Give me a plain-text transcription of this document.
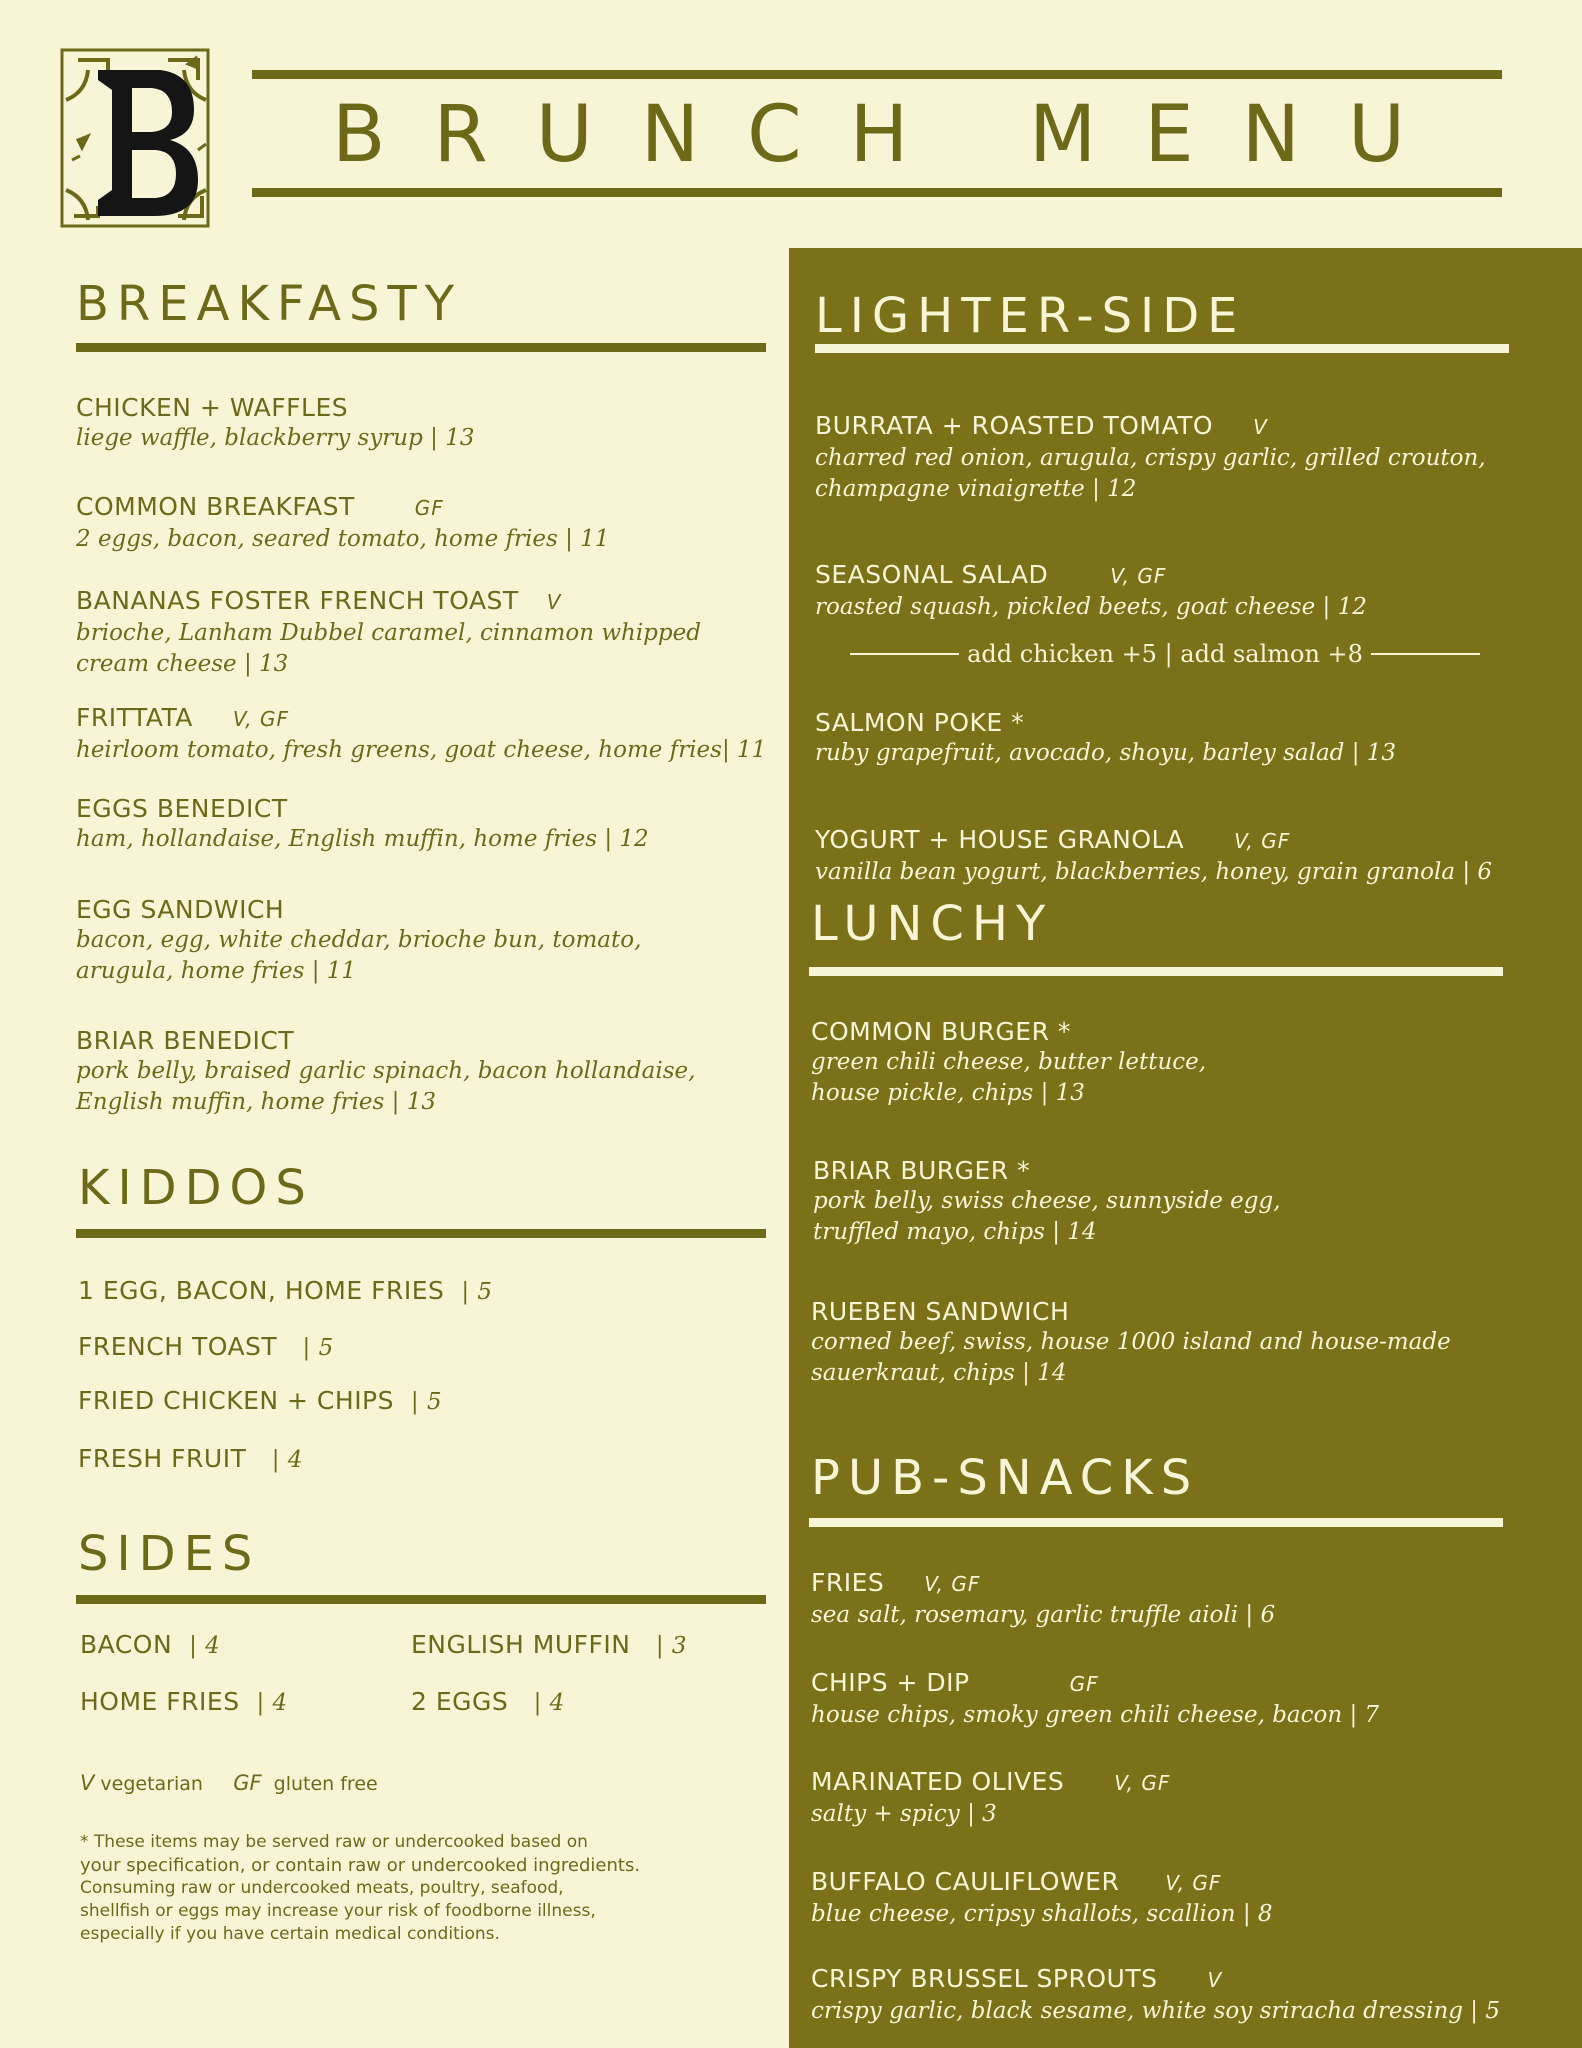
BRUNCH MENU
BREAKFASTY
CHICKEN + WAFFLES
liege waffle, blackberry syrup | 13
COMMON BREAKFAST	GF
2 eggs, bacon, seared tomato, home fries | 11
BANANAS FOSTER FRENCH TOAST V
brioche, Lanham Dubbel caramel, cinnamon whipped
cream cheese | 13
FRITTATA V, GF
heirloom tomato, fresh greens, goat cheese, home fries| 11
EGGS BENEDICT
ham, hollandaise, English muffin, home fries | 12
EGG SANDWICH
bacon, egg, white cheddar, brioche bun, tomato,
arugula, home fries | 11
BRIAR BENEDICT
pork belly, braised garlic spinach, bacon hollandaise,
English muffin, home fries | 13
KIDDOS
1 EGG, BACON, HOME FRIES | 5
FRENCH TOAST | 5
FRIED CHICKEN + CHIPS | 5
FRESH FRUIT | 4
SIDES
BACON | 4	ENGLISH MUFFIN | 3
HOME FRIES | 4	2 EGGS | 4
V vegetarian GF gluten free
* These items may be served raw or undercooked based on
your specification, or contain raw or undercooked ingredients.
Consuming raw or undercooked meats, poultry, seafood,
shellfish or eggs may increase your risk of foodborne illness,
especially if you have certain medical conditions.
LIGHTER-SIDE
BURRATA + ROASTED TOMATO V
charred red onion, arugula, crispy garlic, grilled crouton,
champagne vinaigrette | 12
SEASONAL SALAD	V, GF
roasted squash, pickled beets, goat cheese | 12
add chicken +5 | add salmon +8
SALMON POKE *
ruby grapefruit, avocado, shoyu, barley salad | 13
YOGURT + HOUSE GRANOLA	V, GF
vanilla bean yogurt, blackberries, honey, grain granola | 6
LUNCHY
COMMON BURGER *
green chili cheese, butter lettuce,
house pickle, chips | 13
BRIAR BURGER *
pork belly, swiss cheese, sunnyside egg,
truffled mayo, chips | 14
RUEBEN SANDWICH
corned beef, swiss, house 1000 island and house-made
sauerkraut, chips | 14
PUB-SNACKS
FRIES V, GF
sea salt, rosemary, garlic truffle aioli | 6
CHIPS + DIP	GF
house chips, smoky green chili cheese, bacon | 7
MARINATED OLIVES	V, GF
salty + spicy | 3
BUFFALO CAULIFLOWER V, GF
blue cheese, cripsy shallots, scallion | 8
CRISPY BRUSSEL SPROUTS	V
crispy garlic, black sesame, white soy sriracha dressing | 5
